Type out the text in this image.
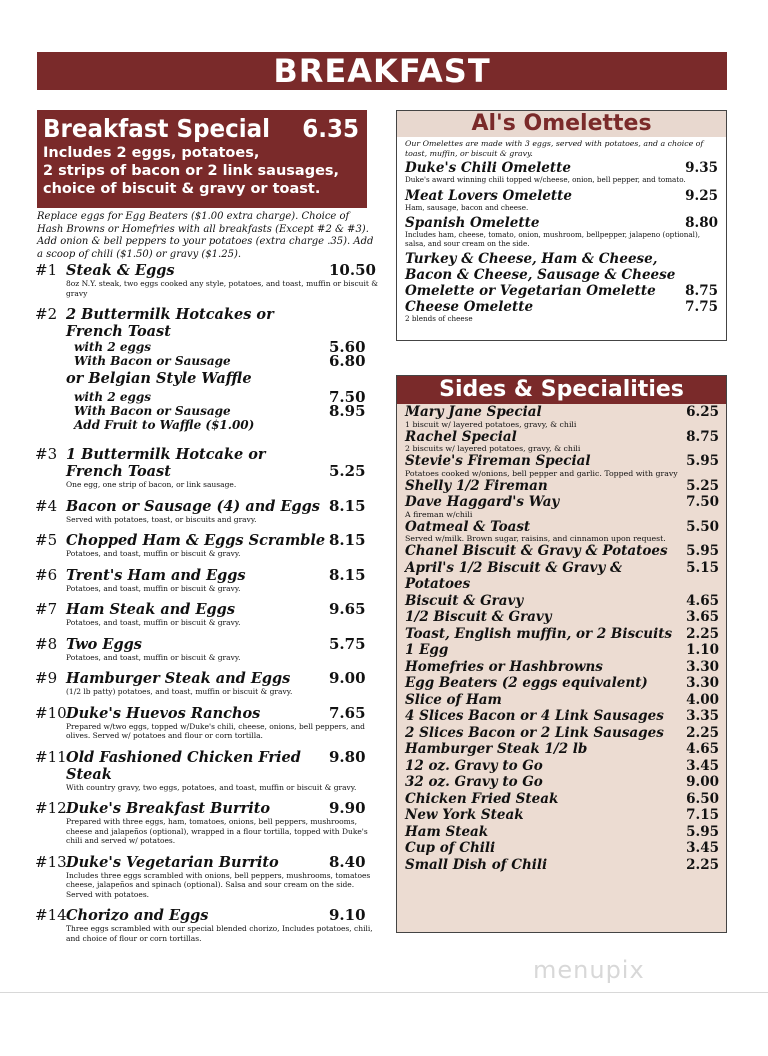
BREAKFAST
Breakfast Special 6.35
Includes 2 eggs, potatoes,
2 strips of bacon or 2 link sausages,
choice of biscuit & gravy or toast.
Replace eggs for Egg Beaters ($1.00 extra charge). Choice of Hash Browns or Homefries with all breakfasts (Except #2 & #3). Add onion & bell peppers to your potatoes (extra charge .35). Add a scoop of chili ($1.50) or gravy ($1.25).
#1 Steak & Eggs	10.50
8oz N.Y. steak, two eggs cooked any style, potatoes, and toast, muffin or biscuit & gravy
#2 2 Buttermilk Hotcakes or
French Toast
with 2 eggs	5.60
With Bacon or Sausage	6.80
or Belgian Style Waffle
with 2 eggs	7.50
With Bacon or Sausage	8.95
Add Fruit to Waffle ($1.00)
#3 1 Buttermilk Hotcake or
French Toast	5.25
One egg, one strip of bacon, or link sausage.
#4 Bacon or Sausage (4) and Eggs 8.15
Served with potatoes, toast, or biscuits and gravy.
#5 Chopped Ham & Eggs Scramble 8.15
Potatoes, and toast, muffin or biscuit & gravy.
#6 Trent's Ham and Eggs	8.15
Potatoes, and toast, muffin or biscuit & gravy.
#7 Ham Steak and Eggs	9.65
Potatoes, and toast, muffin or biscuit & gravy.
#8 Two Eggs	5.75
Potatoes, and toast, muffin or biscuit & gravy.
#9 Hamburger Steak and Eggs	9.00
(1/2 lb patty) potatoes, and toast, muffin or biscuit & gravy.
#10 Duke's Huevos Ranchos	7.65
Prepared w/two eggs, topped w/Duke's chili, cheese, onions, bell peppers, and olives. Served w/ potatoes and flour or corn tortilla.
#11 Old Fashioned Chicken Fried Steak
9.80
With country gravy, two eggs, potatoes, and toast, muffin or biscuit & gravy.
#12 Duke's Breakfast Burrito	9.90
Prepared with three eggs, ham, tomatoes, onions, bell peppers, mushrooms, cheese and jalapeños (optional), wrapped in a flour tortilla, topped with Duke's chili and served w/ potatoes.
#13 Duke's Vegetarian Burrito	8.40
Includes three eggs scrambled with onions, bell peppers, mushrooms, tomatoes cheese, jalapeños and spinach (optional). Salsa and sour cream on the side. Served with potatoes.
#14 Chorizo and Eggs	9.10
Three eggs scrambled with our special blended chorizo, Includes potatoes, chili, and choice of flour or corn tortillas.
Al's Omelettes
Our Omelettes are made with 3 eggs, served with potatoes, and a choice of toast, muffin, or biscuit & gravy.
Duke's Chili Omelette	9.35
Duke's award winning chili topped w/cheese, onion, bell pepper, and tomato.
Meat Lovers Omelette	9.25
Ham, sausage, bacon and cheese.
Spanish Omelette	8.80
Includes ham, cheese, tomato, onion, mushroom, bellpepper, jalapeno (optional), salsa, and sour cream on the side.
Turkey & Cheese, Ham & Cheese,
Bacon & Cheese, Sausage & Cheese
Omelette or Vegetarian Omelette	8.75
Cheese Omelette	7.75
2 blends of cheese
Sides & Specialities
Mary Jane Special	6.25
1 biscuit w/ layered potatoes, gravy, & chili
Rachel Special	8.75
2 biscuits w/ layered potatoes, gravy, & chili
Stevie's Fireman Special	5.95
Potatoes cooked w/onions, bell pepper and garlic. Topped with gravy
Shelly 1/2 Fireman	5.25
Dave Haggard's Way	7.50
A fireman w/chili
Oatmeal & Toast	5.50
Served w/milk. Brown sugar, raisins, and cinnamon upon request.
Chanel Biscuit & Gravy & Potatoes	5.95
April's 1/2 Biscuit & Gravy & Potatoes
5.15
Biscuit & Gravy	4.65
1/2 Biscuit & Gravy	3.65
Toast, English muffin, or 2 Biscuits	2.25
1 Egg	1.10
Homefries or Hashbrowns	3.30
Egg Beaters (2 eggs equivalent)	3.30
Slice of Ham	4.00
4 Slices Bacon or 4 Link Sausages	3.35
2 Slices Bacon or 2 Link Sausages	2.25
Hamburger Steak 1/2 lb	4.65
12 oz. Gravy to Go	3.45
32 oz. Gravy to Go	9.00
Chicken Fried Steak	6.50
New York Steak	7.15
Ham Steak	5.95
Cup of Chili	3.45
Small Dish of Chili	2.25
menupix
